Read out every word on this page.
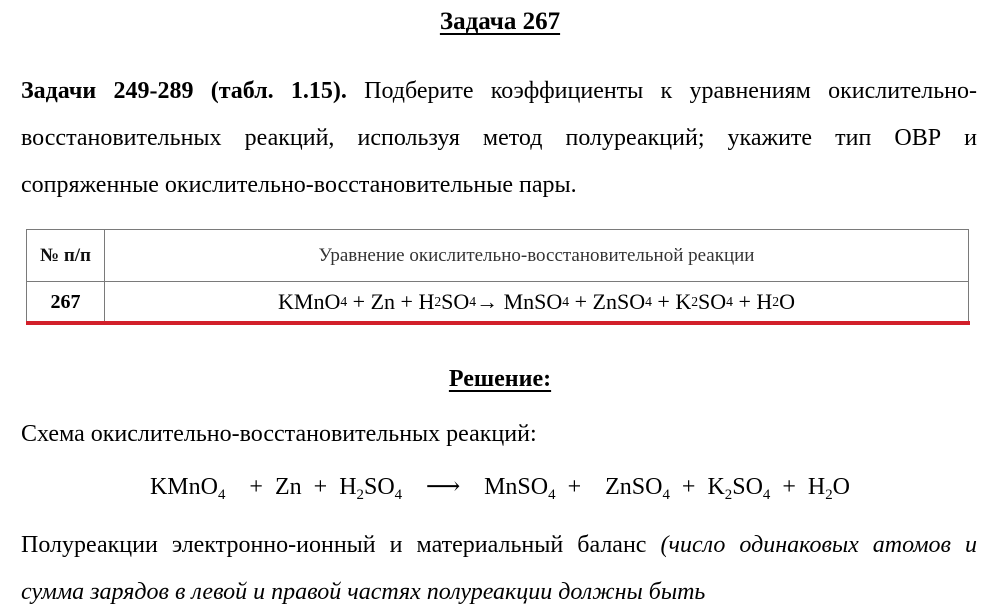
Задача 267

Задачи 249-289 (табл. 1.15). Подберите коэффициенты к уравнениям окислительно-восстановительных реакций, используя метод полуреакций; укажите тип ОВР и сопряженные окислительно-восстановительные пары.

№ п/п	Уравнение окислительно-восстановительной реакции
267	KMnO 4
+
Zn
+
H 2 SO 4 →
MnSO 4
+
ZnSO 4
+
K 2 SO 4
+
H 2 O
Решение:
Схема окислительно-восстановительных реакций:
KMnO$_4$ + $Zn + H_2SO_4$ ⟶ MnSO$_4$ + ZnSO$_4$ + $K_2SO_4 + H_2O$

Полуреакции электронно-ионный и материальный баланс (число одинаковых атомов и сумма зарядов в левой и правой частях полуреакции должны быть
